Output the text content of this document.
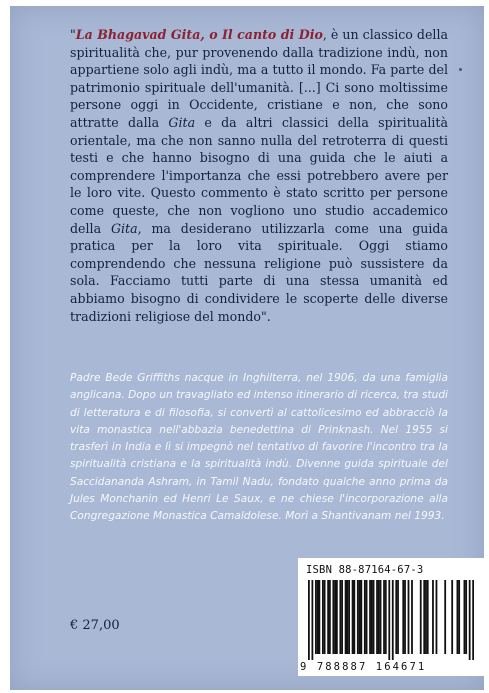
"La Bhagavad Gita, o Il canto di Dio, è un classico della spiritualità che, pur provenendo dalla tradizione indù, non appartiene solo agli indù, ma a tutto il mondo. Fa parte del patrimonio spirituale dell'umanità. [...] Ci sono moltissime persone oggi in Occidente, cristiane e non, che sono attratte dalla Gita e da altri classici della spiritualità orientale, ma che non sanno nulla del retroterra di questi testi e che hanno bisogno di una guida che le aiuti a comprendere l'importanza che essi potrebbero avere per le loro vite. Questo commento è stato scritto per persone come queste, che non vogliono uno studio accademico della Gita, ma desiderano utilizzarla come una guida pratica per la loro vita spirituale. Oggi stiamo comprendendo che nessuna religione può sussistere da sola. Facciamo tutti parte di una stessa umanità ed abbiamo bisogno di condividere le scoperte delle diverse tradizioni religiose del mondo".
Padre Bede Griffiths nacque in Inghilterra, nel 1906, da una famiglia anglicana. Dopo un travagliato ed intenso itinerario di ricerca, tra studi di letteratura e di filosofia, si convertì al cattolicesimo ed abbracciò la vita monastica nell'abbazia benedettina di Prinknash. Nel 1955 si trasferì in India e lì si impegnò nel tentativo di favorire l'incontro tra la spiritualità cristiana e la spiritualità indù. Divenne guida spirituale del Saccidananda Ashram, in Tamil Nadu, fondato qualche anno prima da Jules Monchanin ed Henri Le Saux, e ne chiese l'incorporazione alla Congregazione Monastica Camaldolese. Morì a Shantivanam nel 1993.
€ 27,00
ISBN 88-87164-67-3
9 788887 164671
